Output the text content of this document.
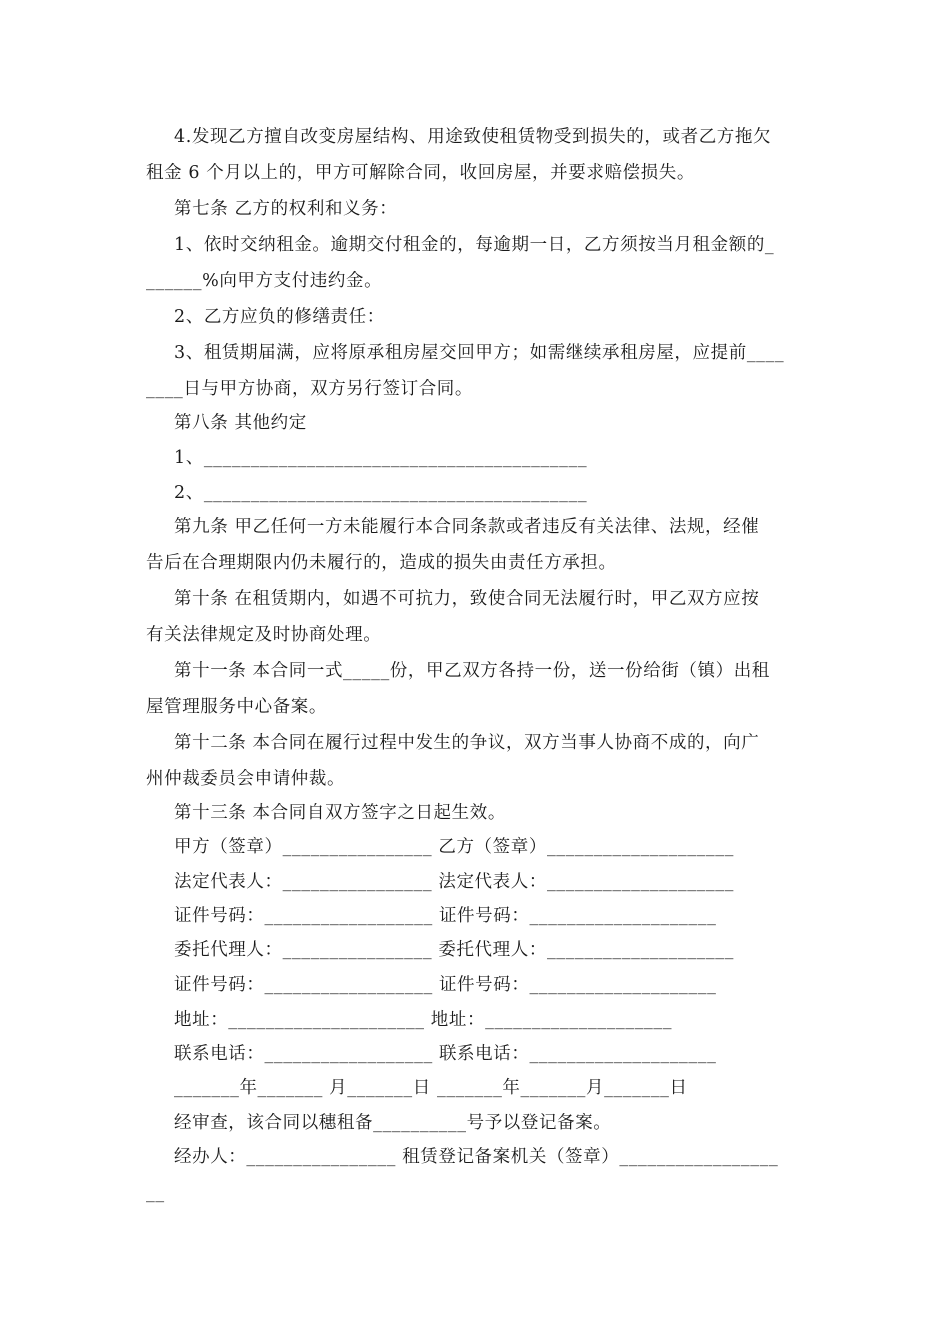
4.发现乙方擅自改变房屋结构、用途致使租赁物受到损失的，或者乙方拖欠
租金 6 个月以上的，甲方可解除合同，收回房屋，并要求赔偿损失。
第七条 乙方的权利和义务：
1、依时交纳租金。逾期交付租金的，每逾期一日，乙方须按当月租金额的_
______%向甲方支付违约金。
2、乙方应负的修缮责任：
3、租赁期届满，应将原承租房屋交回甲方；如需继续承租房屋，应提前____
____日与甲方协商，双方另行签订合同。
第八条 其他约定
1、_________________________________________
2、_________________________________________
第九条 甲乙任何一方未能履行本合同条款或者违反有关法律、法规，经催
告后在合理期限内仍未履行的，造成的损失由责任方承担。
第十条 在租赁期内，如遇不可抗力，致使合同无法履行时，甲乙双方应按
有关法律规定及时协商处理。
第十一条 本合同一式_____份，甲乙双方各持一份，送一份给街（镇）出租
屋管理服务中心备案。
第十二条 本合同在履行过程中发生的争议，双方当事人协商不成的，向广
州仲裁委员会申请仲裁。
第十三条 本合同自双方签字之日起生效。
甲方（签章）________________ 乙方（签章）____________________
法定代表人：________________ 法定代表人：____________________
证件号码：__________________ 证件号码：____________________
委托代理人：________________ 委托代理人：____________________
证件号码：__________________ 证件号码：____________________
地址：_____________________ 地址：____________________
联系电话：__________________ 联系电话：____________________
_______年_______ 月_______日 _______年_______月_______日
经审查，该合同以穗租备__________号予以登记备案。
经办人：________________ 租赁登记备案机关（签章）_________________
__
